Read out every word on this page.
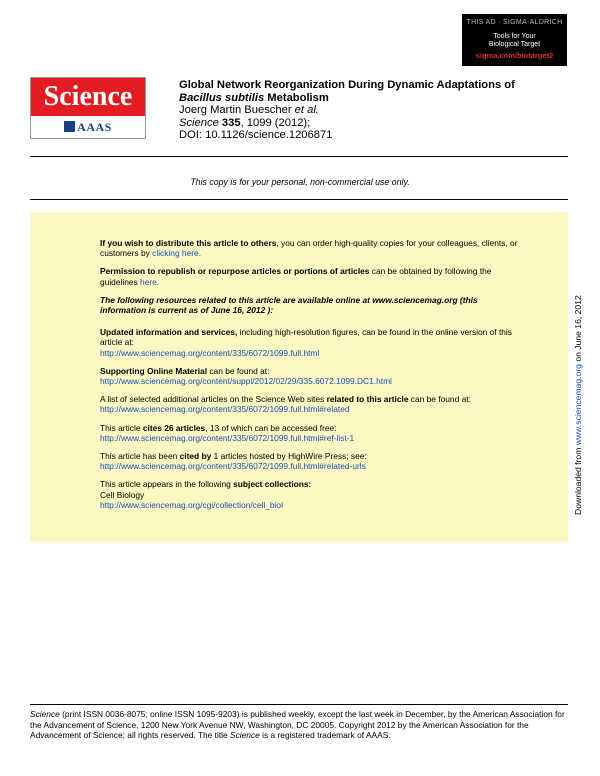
THIS AD · SIGMA-ALDRICH
Tools for Your
Biological Target
sigma.com/biotarget2
Science
AAAS
Global Network Reorganization During Dynamic Adaptations of
Bacillus subtilis Metabolism
Joerg Martin Buescher et al.
Science 335, 1099 (2012);
DOI: 10.1126/science.1206871
This copy is for your personal, non-commercial use only.

If you wish to distribute this article to others, you can order high-quality copies for your colleagues, clients, or customers by clicking here.

Permission to republish or repurpose articles or portions of articles can be obtained by following the guidelines here.

The following resources related to this article are available online at www.sciencemag.org (this information is current as of June 16, 2012 ):

Updated information and services, including high-resolution figures, can be found in the online version of this article at:
http://www.sciencemag.org/content/335/6072/1099.full.html

Supporting Online Material can be found at:
http://www.sciencemag.org/content/suppl/2012/02/29/335.6072.1099.DC1.html

A list of selected additional articles on the Science Web sites related to this article can be found at:
http://www.sciencemag.org/content/335/6072/1099.full.html#related

This article cites 26 articles, 13 of which can be accessed free:
http://www.sciencemag.org/content/335/6072/1099.full.html#ref-list-1

This article has been cited by 1 articles hosted by HighWire Press; see:
http://www.sciencemag.org/content/335/6072/1099.full.html#related-urls

This article appears in the following subject collections:
Cell Biology
http://www.sciencemag.org/cgi/collection/cell_biol	Downloaded from www.sciencemag.org on June 16, 2012
Science (print ISSN 0036-8075; online ISSN 1095-9203) is published weekly, except the last week in December, by the American Association for the Advancement of Science, 1200 New York Avenue NW, Washington, DC 20005. Copyright 2012 by the American Association for the Advancement of Science; all rights reserved. The title Science is a registered trademark of AAAS.
